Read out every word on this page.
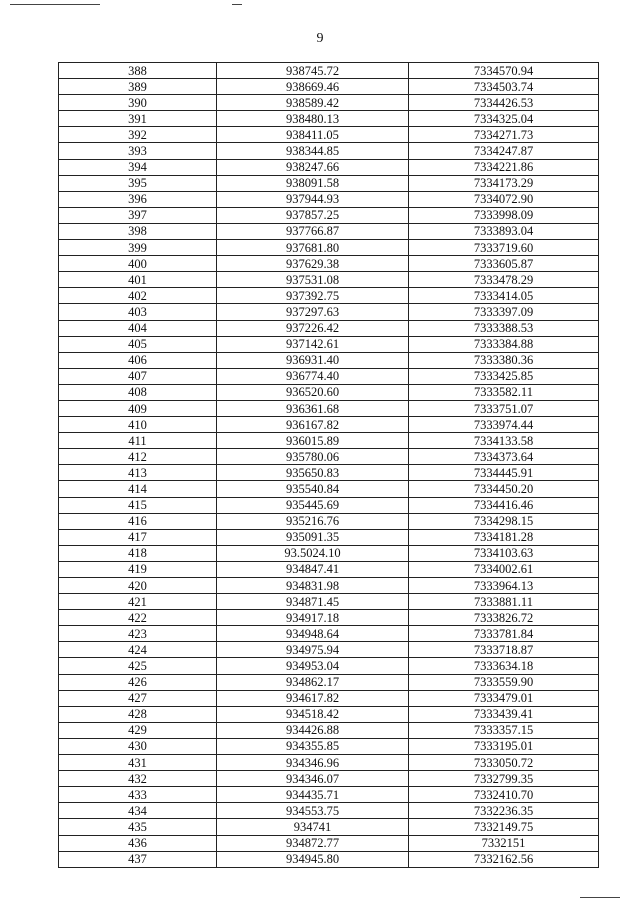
9
388	938745.72	7334570.94
389	938669.46	7334503.74
390	938589.42	7334426.53
391	938480.13	7334325.04
392	938411.05	7334271.73
393	938344.85	7334247.87
394	938247.66	7334221.86
395	938091.58	7334173.29
396	937944.93	7334072.90
397	937857.25	7333998.09
398	937766.87	7333893.04
399	937681.80	7333719.60
400	937629.38	7333605.87
401	937531.08	7333478.29
402	937392.75	7333414.05
403	937297.63	7333397.09
404	937226.42	7333388.53
405	937142.61	7333384.88
406	936931.40	7333380.36
407	936774.40	7333425.85
408	936520.60	7333582.11
409	936361.68	7333751.07
410	936167.82	7333974.44
411	936015.89	7334133.58
412	935780.06	7334373.64
413	935650.83	7334445.91
414	935540.84	7334450.20
415	935445.69	7334416.46
416	935216.76	7334298.15
417	935091.35	7334181.28
418	93.5024.10	7334103.63
419	934847.41	7334002.61
420	934831.98	7333964.13
421	934871.45	7333881.11
422	934917.18	7333826.72
423	934948.64	7333781.84
424	934975.94	7333718.87
425	934953.04	7333634.18
426	934862.17	7333559.90
427	934617.82	7333479.01
428	934518.42	7333439.41
429	934426.88	7333357.15
430	934355.85	7333195.01
431	934346.96	7333050.72
432	934346.07	7332799.35
433	934435.71	7332410.70
434	934553.75	7332236.35
435	934741	7332149.75
436	934872.77	7332151
437	934945.80	7332162.56
